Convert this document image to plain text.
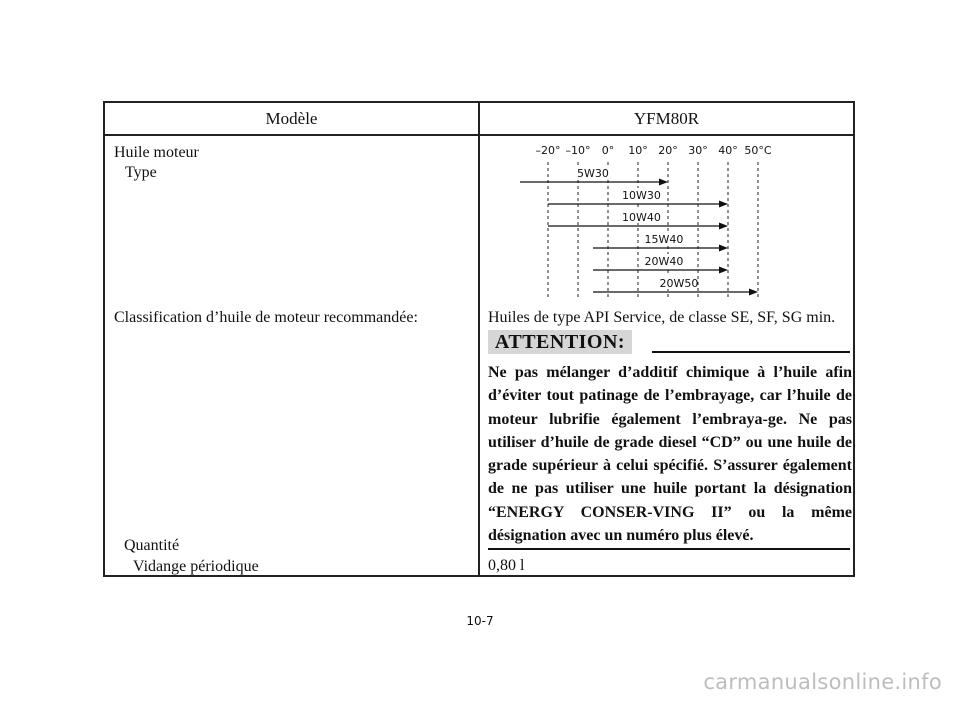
Modèle	YFM80R
Huile moteur
Type
Classification d’huile de moteur recommandée:
Quantité
Vidange périodique
–20° –10° 0° 10° 20° 30° 40° 50°C
5W30
10W30
10W40
15W40
20W40
20W50
Huiles de type API Service, de classe SE, SF, SG min.
ATTENTION:

Ne pas mélanger d’additif chimique à l’huile afin d’éviter tout patinage de l’embrayage, car l’huile de moteur lubrifie également l’embraya-ge. Ne pas utiliser d’huile de grade diesel “CD” ou une huile de grade supérieur à celui spécifié. S’assurer également de ne pas utiliser une huile portant la désignation “ENERGY CONSER-VING II” ou la même désignation avec un numéro plus élevé.

0,80 l
10-7
carmanualsonline.info
